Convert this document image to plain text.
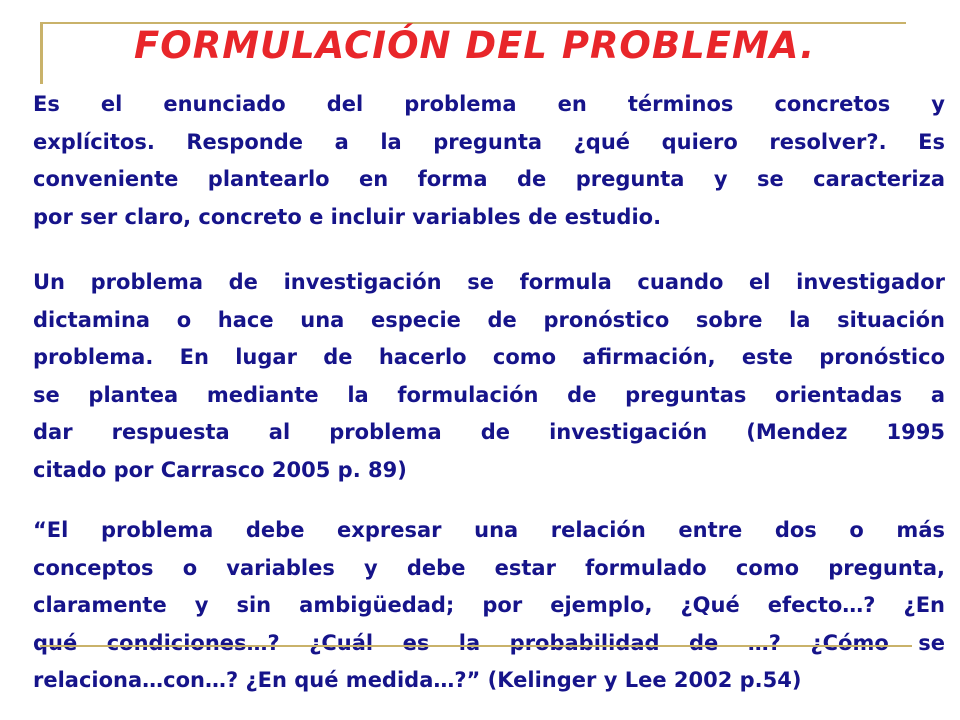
FORMULACIÓN DEL PROBLEMA.
Es el enunciado del problema en términos concretos y
explícitos. Responde a la pregunta ¿qué quiero resolver?. Es
conveniente plantearlo en forma de pregunta y se caracteriza
por ser claro, concreto e incluir variables de estudio.
Un problema de investigación se formula cuando el investigador
dictamina o hace una especie de pronóstico sobre la situación
problema. En lugar de hacerlo como afirmación, este pronóstico
se plantea mediante la formulación de preguntas orientadas a
dar respuesta al problema de investigación (Mendez 1995
citado por Carrasco 2005 p. 89)
“El problema debe expresar una relación entre dos o más
conceptos o variables y debe estar formulado como pregunta,
claramente y sin ambigüedad; por ejemplo, ¿Qué efecto…? ¿En
qué condiciones…? ¿Cuál es la probabilidad de …? ¿Cómo se
relaciona…con…? ¿En qué medida…?” (Kelinger y Lee 2002 p.54)
